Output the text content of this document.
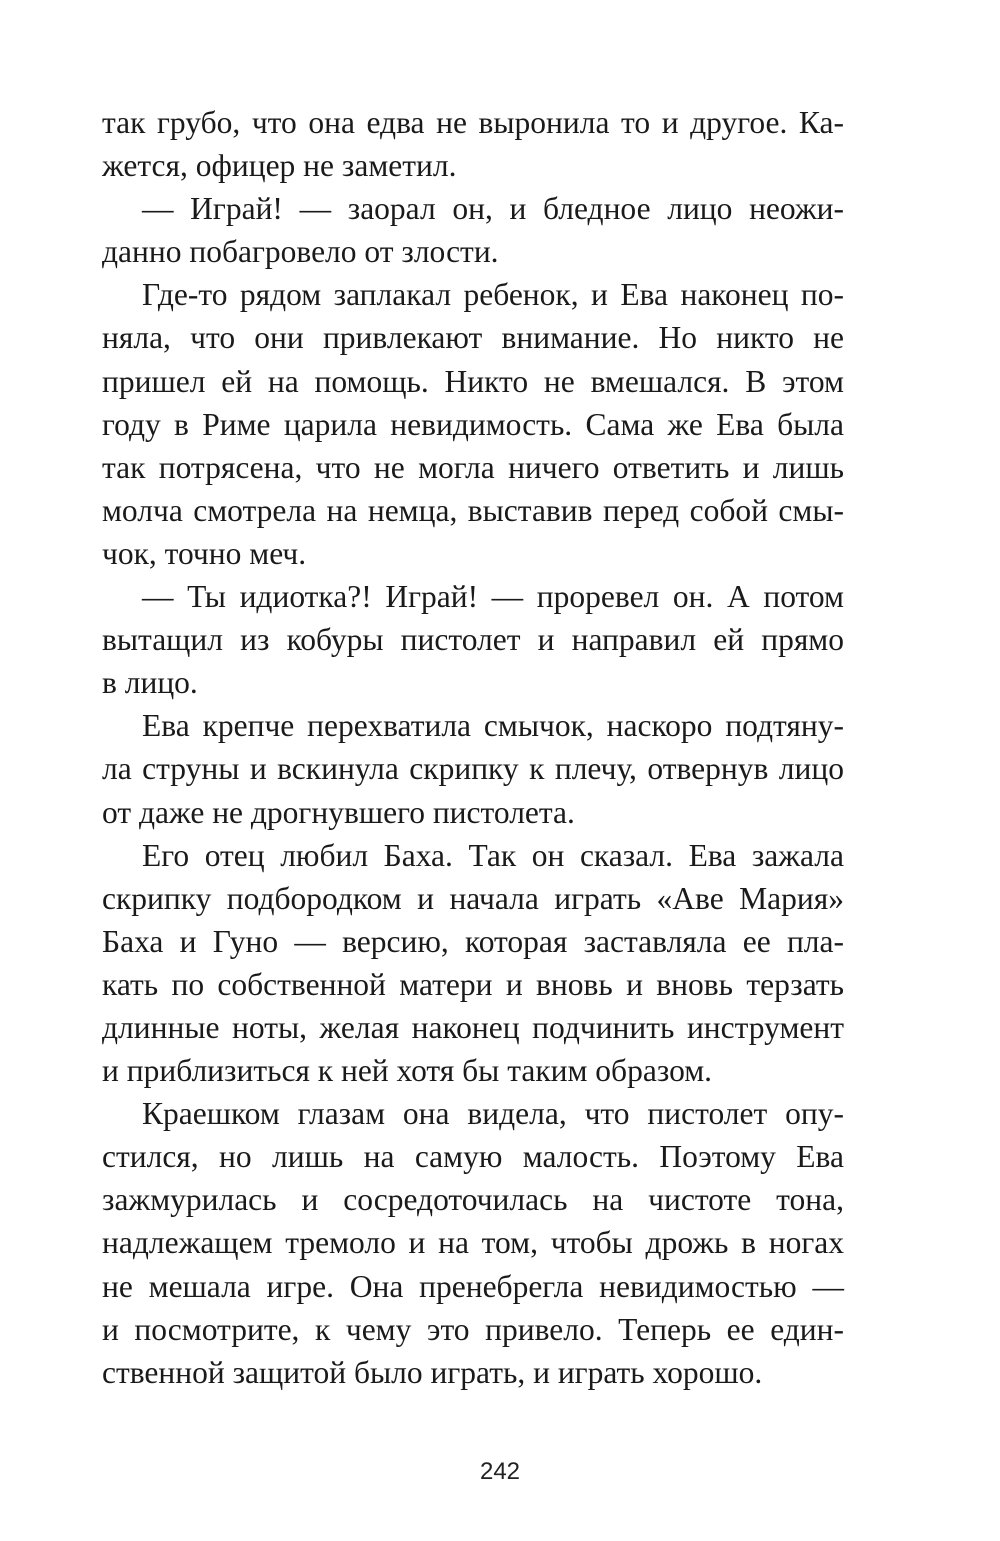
так грубо, что она едва не выронила то и другое. Ка-
жется, офицер не заметил.
— Играй! — заорал он, и бледное лицо неожи-
данно побагровело от злости.
Где-то рядом заплакал ребенок, и Ева наконец по-
няла, что они привлекают внимание. Но никто не
пришел ей на помощь. Никто не вмешался. В этом
году в Риме царила невидимость. Сама же Ева была
так потрясена, что не могла ничего ответить и лишь
молча смотрела на немца, выставив перед собой смы-
чок, точно меч.
— Ты идиотка?! Играй! — проревел он. А потом
вытащил из кобуры пистолет и направил ей прямо
в лицо.
Ева крепче перехватила смычок, наскоро подтяну-
ла струны и вскинула скрипку к плечу, отвернув лицо
от даже не дрогнувшего пистолета.
Его отец любил Баха. Так он сказал. Ева зажала
скрипку подбородком и начала играть «Аве Мария»
Баха и Гуно — версию, которая заставляла ее пла-
кать по собственной матери и вновь и вновь терзать
длинные ноты, желая наконец подчинить инструмент
и приблизиться к ней хотя бы таким образом.
Краешком глазам она видела, что пистолет опу-
стился, но лишь на самую малость. Поэтому Ева
зажмурилась и сосредоточилась на чистоте тона,
надлежащем тремоло и на том, чтобы дрожь в ногах
не мешала игре. Она пренебрегла невидимостью —
и посмотрите, к чему это привело. Теперь ее един-
ственной защитой было играть, и играть хорошо.
242
